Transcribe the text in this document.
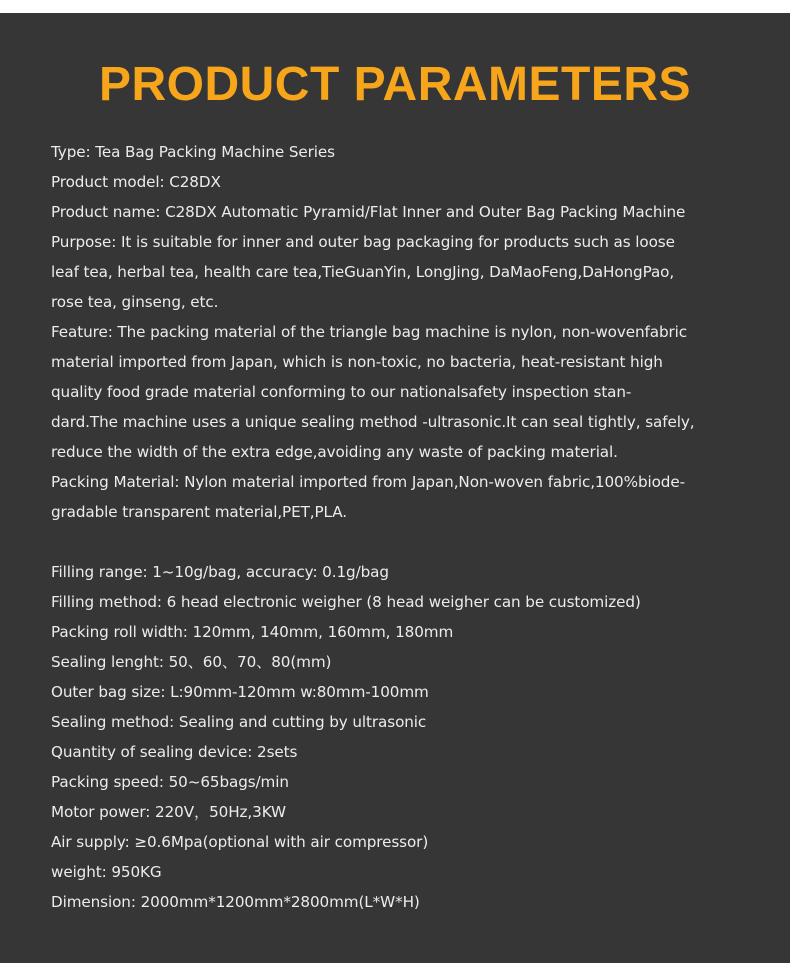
PRODUCT PARAMETERS
Type: Tea Bag Packing Machine Series
Product model: C28DX
Product name: C28DX Automatic Pyramid/Flat Inner and Outer Bag Packing Machine
Purpose: It is suitable for inner and outer bag packaging for products such as loose
leaf tea, herbal tea, health care tea,TieGuanYin, LongJing, DaMaoFeng,DaHongPao,
rose tea, ginseng, etc.
Feature: The packing material of the triangle bag machine is nylon, non-wovenfabric
material imported from Japan, which is non-toxic, no bacteria, heat-resistant high
quality food grade material conforming to our nationalsafety inspection stan-
dard.The machine uses a unique sealing method -ultrasonic.It can seal tightly, safely,
reduce the width of the extra edge,avoiding any waste of packing material.
Packing Material: Nylon material imported from Japan,Non-woven fabric,100%biode-
gradable transparent material,PET,PLA.
Filling range: 1~10g/bag, accuracy: 0.1g/bag
Filling method: 6 head electronic weigher (8 head weigher can be customized)
Packing roll width: 120mm, 140mm, 160mm, 180mm
Sealing lenght: 50、60、70、80(mm)
Outer bag size: L:90mm-120mm w:80mm-100mm
Sealing method: Sealing and cutting by ultrasonic
Quantity of sealing device: 2sets
Packing speed: 50~65bags/min
Motor power: 220V，50Hz,3KW
Air supply: ≥0.6Mpa(optional with air compressor)
weight: 950KG
Dimension: 2000mm*1200mm*2800mm(L*W*H)
